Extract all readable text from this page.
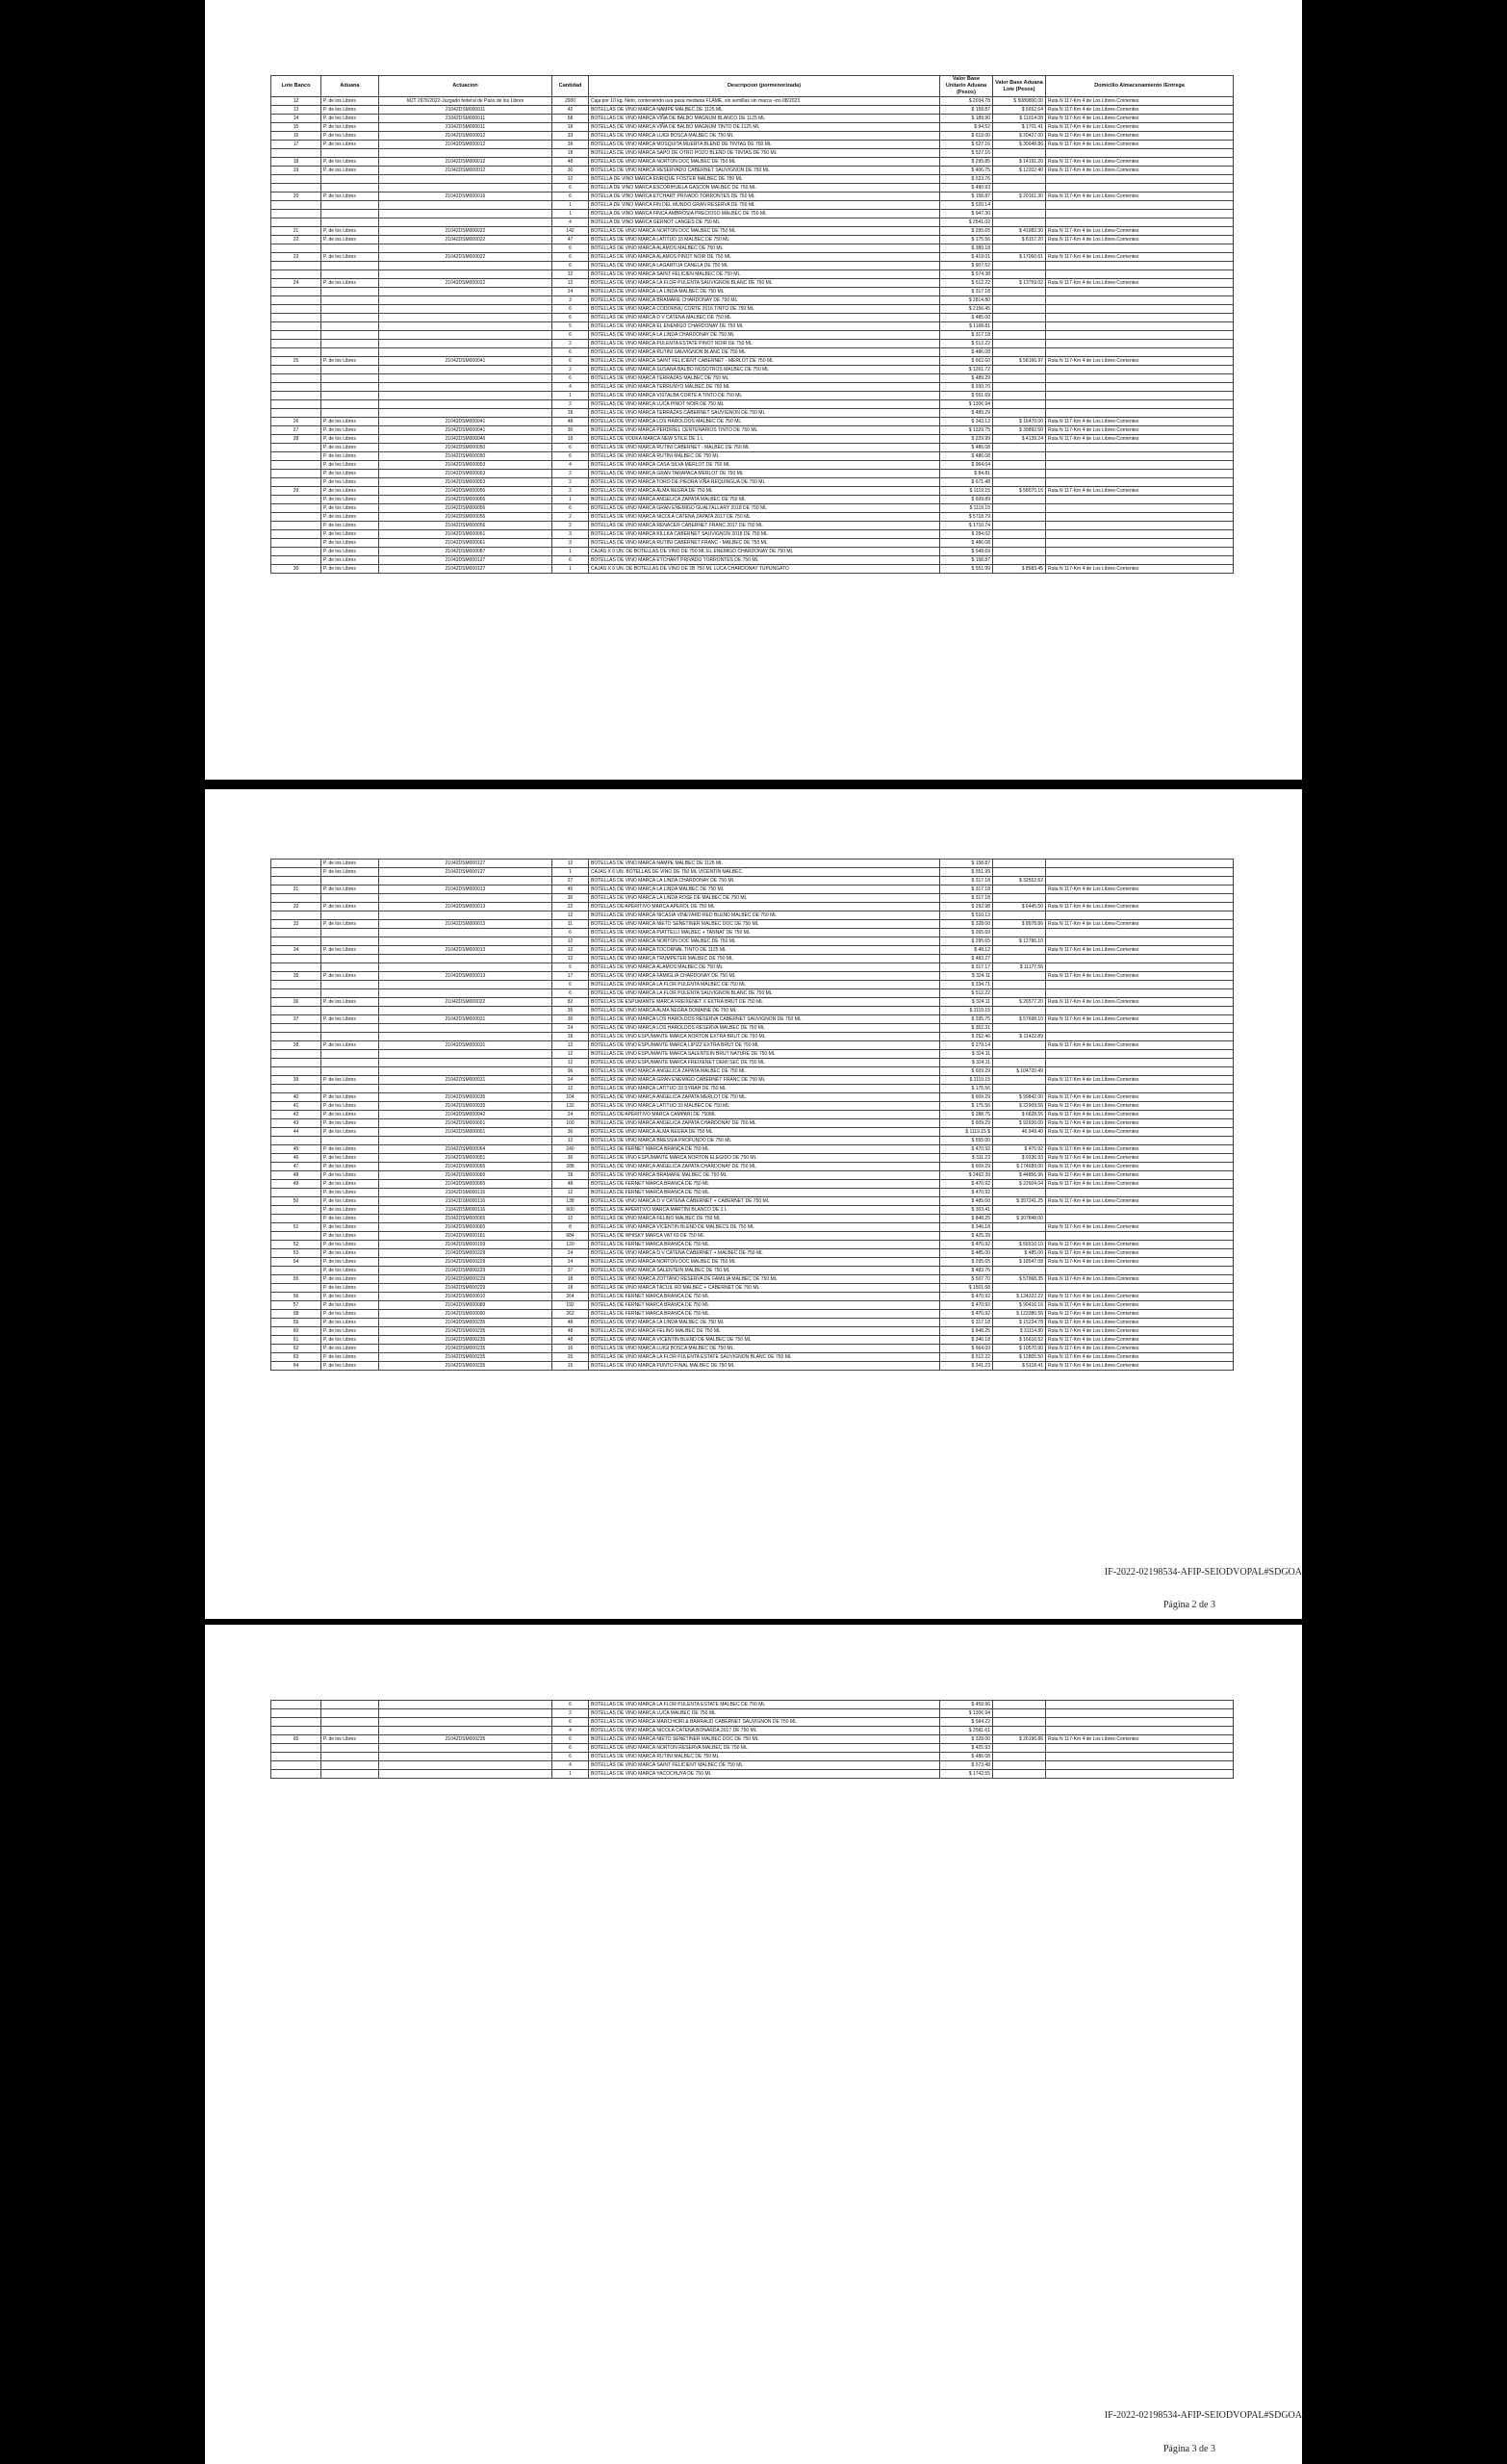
Lote Banco	Aduana	Actuacion	Cantidad	Descripcion (pormenorizada)	Valor Base Unitario Aduana (Pesos)	Valor Base Aduana Lote (Pesos)	Domicilio Almacenamiento /Entrega
12	P. de los Libres	MJT 2976/2022-Juzgado federal de Paso de los Libres	2900	Caja por 10 kg. Neto, conteniendo uva pasa mediana FLAME, sin semillas sin marca -vto 08/2023	$ 2034.78	$ 5089800.00	Ruta N 117-Km 4 de Los Libres-Corrientes
13	P. de los Libres	21042DSM000011	42	BOTELLAS DE VINO MARCA NAMPE MALBEC DE 1125 ML	$ 158.87	$ 5652.64	Ruta N 117-Km 4 de Los Libres-Corrientes
14	P. de los Libres	21042DSM000011	58	BOTELLAS DE VINO MARCA VIÑA DE BALBO MAGNUM BLANCO DE 1125 ML	$ 189.90	$ 11014.08	Ruta N 117-Km 4 de Los Libres-Corrientes
15	P. de los Libres	21042DSM000011	18	BOTELLAS DE VINO MARCA VIÑA DE BALBO MAGNUM TINTO DE 1125 ML	$ 94.52	$ 1701.41	Ruta N 117-Km 4 de Los Libres-Corrientes
16	P. de los Libres	21042DSM000012	33	BOTELLAS DE VINO MARCA LUIGI BOSCA MALBEC DE 750 ML	$ 619.00	$ 20427.00	Ruta N 117-Km 4 de Los Libres-Corrientes
17	P. de los Libres	21042DSM000012	39	BOTELLAS DE VINO MARCA MOSQUITA MUERTA BLEND DE TINTAS DE 750 ML	$ 527.16	$ 30048.86	Ruta N 117-Km 4 de Los Libres-Corrientes
			18	BOTELLAS DE VINO MARCA SAPO DE OTRO POZO BLEND DE TINTAS DE 750 ML	$ 527.16		
18	P. de los Libres	21042DSM000012	48	BOTELLAS DE VINO MARCA NORTON DOC MALBEC DE 750 ML	$ 295.85	$ 14191.20	Ruta N 117-Km 4 de Los Libres-Corrientes
19	P. de los Libres	21042DSM000012	30	BOTELLAS DE VINO MARCA RESERVADO CABERNET SAUVIGNON DE 750 ML	$ 406.75	$ 12202.40	Ruta N 117-Km 4 de Los Libres-Corrientes
			12	BOTELLA DE VINO MARCA ENRIQUE FOSTER MALBEC DE 750 ML	$ 523.76		
			6	BOTELLA DE VINO MARCA ESCORIHUELA GASCON MALBEC DE 750 ML	$ 490.93		
20	P. de los Libres	21042DSM000016	6	BOTELLA DE VINO MARCA ETCHART PRIVADO TORRONTES DE 750 ML	$ 158.87	$ 20161.30	Ruta N 117-Km 4 de Los Libres-Corrientes
			1	BOTELLA DE VINO MARCA FIN DEL MUNDO GRAN RESERVA DE 750 ML	$ 520.14		
			1	BOTELLA DE VINO MARCA FINCA AMBROSIA PRECIOSO MALBEC DE 750 ML	$ 947.30		
			4	BOTELLA DE VINO MARCA GERNOT LANGES DE 750 ML	$ 2541.02		
21	P. de los Libres	21042DSM000022	142	BOTELLAS DE VINO MARCA NORTON DOC MALBEC DE 750 ML	$ 295.65	$ 41982.30	Ruta N 117-Km 4 de Los Libres-Corrientes
22	P. de los Libres	21042DSM000022	47	BOTELLAS DE VINO MARCA LATITUD 33 MALBEC DE 750 ML	$ 175.56	$ 8157.20	Ruta N 117-Km 4 de Los Libres-Corrientes
			6	BOTELLAS DE VINO MARCA ALAMOS MALBEC DE 750 ML	$ 389.18		
23	P. de los Libres	21042DSM000022	6	BOTELLAS DE VINO MARCA ALAMOS PINOT NOIR DE 750 ML	$ 419.01	$ 17060.61	Ruta N 117-Km 4 de Los Libres-Corrientes
			6	BOTELLAS DE VINO MARCA LAGARTIJA CANELA DE 750 ML	$ 907.52		
			12	BOTELLAS DE VINO MARCA SAINT FELICIEN MALBEC DE 750 ML	$ 574.38		
24	P. de los Libres	21042DSM000022	12	BOTELLAS DE VINO MARCA LA FLOR PULENTA SAUVIGNON BLANC DE 750 ML	$ 512.22	$ 13759.02	Ruta N 117-Km 4 de Los Libres-Corrientes
			24	BOTELLAS DE VINO MARCA LA LINDA MALBEC DE 750 ML	$ 317.18		
			3	BOTELLAS DE VINO MARCA BRAMARE CHARDONAY DE 750 ML	$ 2814.80		
			6	BOTELLAS DE VINO MARCA CODORNIU CORTE 2016 TINTO DE 750 ML	$ 2156.45		
			6	BOTELLAS DE VINO MARCA D V CATENA MALBEC DE 750 ML	$ 485.00		
			5	BOTELLAS DE VINO MARCA EL ENEMIGO CHARDONAY DE 750 ML	$ 1168.81		
			6	BOTELLAS DE VINO MARCA LA LINDA CHARDONAY DE 750 ML	$ 317.18		
			2	BOTELLAS DE VINO MARCA PULENTA ESTATE PINOT NOIR DE 750 ML	$ 512.22		
			6	BOTELLAS DE VINO MARCA RUTINI SAUVIGNON BLANC DE 750 ML	$ 486.08		
25	P. de los Libres	21042DSM000041	6	BOTELLAS DE VINO MARCA SAINT FELICIENT CABERNET - MERLOT DE 750 ML	$ 662.60	$ 58166.97	Ruta N 117-Km 4 de Los Libres-Corrientes
			2	BOTELLAS DE VINO MARCA SUSANA BALBO NOSOTROS MALBEC DE 750 ML	$ 1261.72		
			6	BOTELLAS DE VINO MARCA TERRAZAS MALBEC DE 750 ML	$ 489.29		
			4	BOTELLAS DE VINO MARCA TERRUNYO MALBEC DE 750 ML	$ 930.70		
			1	BOTELLAS DE VINO MARCA VISTALBA CORTE A TINTO DE 750 ML	$ 551.69		
			2	BOTELLAS DE VINO MARCA LUCA PINOT NOIR DE 750 ML	$ 1306.94		
			18	BOTELLAS DE VINO MARCA TERRAZAS CABERNET SAUVIGNON DE 750 ML	$ 489.29		
26	P. de los Libres	21042DSM000041	48	BOTELLAS DE VINO MARCA LOS HAROLDOS MALBEC DE 750 ML	$ 343.13	$ 16470.00	Ruta N 117-Km 4 de Los Libres-Corrientes
27	P. de los Libres	21042DSM000041	30	BOTELLAS DE VINO MARCA PERDRIEL CENTENARIOS TINTO DE 750 ML	$ 1329.75	$ 39892.50	Ruta N 117-Km 4 de Los Libres-Corrientes
28	P. de los Libres	21042DSM000046	18	BOTELLAS DE VODKA MARCA NEW STILE DE 1 L	$ 229.99	$ 4139.24	Ruta N 117-Km 4 de Los Libres-Corrientes
	P. de los Libres	21042DSM000050	6	BOTELLAS DE VINO MARCA RUTINI CABERNET - MALBEC DE 750 ML	$ 486.08		
	P. de los Libres	21042DSM000050	6	BOTELLAS DE VINO MARCA RUTINI MALBEC DE 750 ML	$ 486.08		
	P. de los Libres	21042DSM000053	4	BOTELLAS DE VINO MARCA CASA SILVA MERLOT DE 750 ML	$ 964.04		
	P. de los Libres	21042DSM000053	2	BOTELLAS DE VINO MARCA GRAN TARAPACA MERLOT DE 750 ML	$ 84.81		
	P. de los Libres	21042DSM000053	2	BOTELLAS DE VINO MARCA TORO DE PIEDRA VIÑA REQUINGUA DE 750 ML	$ 671.48		
29	P. de los Libres	21042DSM000056	2	BOTELLAS DE VINO MARCA ALMA NEGRA DE 750 ML	$ 1119.15	$ 58070.15	Ruta N 117-Km 4 de Los Libres-Corrientes
	P. de los Libres	21042DSM000056	1	BOTELLAS DE VINO MARCA ANGELICA ZAPATA MALBEC DE 750 ML	$ 609.89		
	P. de los Libres	21042DSM000056	6	BOTELLAS DE VINO MARCA GRAN ENEMIGO GUALTALLARY 2018 DE 750 ML	$ 1119.15		
	P. de los Libres	21042DSM000056	2	BOTELLAS DE VINO MARCA NICOLA CATENA ZAPATA 2017 DE 750 ML	$ 5718.79		
	P. de los Libres	21042DSM000056	2	BOTELLAS DE VINO MARCA RENACER CABERNET FRANC 2017 DE 750 ML	$ 1710.74		
	P. de los Libres	21042DSM000061	3	BOTELLAS DE VINO MARCA KILLKA CABERNET SAUVIGNON 2018 DE 750 ML	$ 284.02		
	P. de los Libres	21042DSM000061	3	BOTELLAS DE VINO MARCA RUTINI CABERNET FRANC - MALBEC DE 750 ML	$ 486.08		
	P. de los Libres	21042DSM000087	1	CAJAS X 6 UN. DE BOTELLAS DE VINO DE 750 ML EL ENEMIGO CHARDONAY DE 750 ML	$ 548.69		
	P. de los Libres	21042DSM000127	6	BOTELLAS DE VINO MARCA ETCHART PRIVADO TORRONTES DE 750 ML	$ 158.87		
30	P. de los Libres	21042DSM000127	1	CAJAS X 6 UN. DE BOTELLAS DE VINO DE 2B 750 ML LUCA CHARDONAY TUPUNGATO	$ 551.99	$ 8583.45	Ruta N 117-Km 4 de Los Libres-Corrientes
	P. de los Libres	21042DSM000127	12	BOTELLAS DE VINO MARCA NAMPE MALBEC DE 1125 ML	$ 158.87		
	P. de los Libres	21042DSM000127	1	CAJAS X 6 UN. BOTELLAS DE VINO DE 750 ML VICENTIN MALBEC	$ 551.99		
			27	BOTELLAS DE VINO MARCA LA LINDA CHARDONAY DE 750 ML	$ 317.18	$ 32552.62	
31	P. de los Libres	21042DSM000013	45	BOTELLAS DE VINO MARCA LA LINDA MALBEC DE 750 ML	$ 317.18		Ruta N 117-Km 4 de Los Libres-Corrientes
			30	BOTELLAS DE VINO MARCA LA LINDA ROSE DE MALBEC DE 750 ML	$ 317.18		
32	P. de los Libres	21042DSM000013	22	BOTELLAS DE APERITIVO MARCA APEROL DE 750 ML	$ 292.98	$ 6445.50	Ruta N 117-Km 4 de Los Libres-Corrientes
			12	BOTELLAS DE VINO MARCA NICASIA VINEYARD RED BLEND MALBEC DE 750 ML	$ 510.13		
33	P. de los Libres	21042DSM000013	11	BOTELLAS DE VINO MARCA NIETO SENETINER MALBEC DOC DE 750 ML	$ 328.00	$ 8878.86	Ruta N 117-Km 4 de Los Libres-Corrientes
			6	BOTELLAS DE VINO MARCA PIATTELLI MALBEC + TANNAT DE 750 ML	$ 265.69		
			12	BOTELLAS DE VINO MARCA NORTON DOC MALBEC DE 750 ML	$ 295.65	$ 12786.10	
34	P. de los Libres	21042DSM000013	12	BOTELLAS DE VINO MARCA TOCORNAL TINTO DE 1125 ML	$ 48.12		Ruta N 117-Km 4 de Los Libres-Corrientes
			12	BOTELLAS DE VINO MARCA TRUMPETER MALBEC DE 750 ML	$ 483.27		
			5	BOTELLAS DE VINO MARCA ALAMOS MALBEC DE 750 ML	$ 317.17	$ 11177.56	
35	P. de los Libres	21042DSM000013	17	BOTELLAS DE VINO MARCA FAMIGLIA CHARDONAY DE 750 ML	$ 324.11		Ruta N 117-Km 4 de Los Libres-Corrientes
			6	BOTELLAS DE VINO MARCA LA FLOR PULENTA MALBEC DE 750 ML	$ 334.71		
			6	BOTELLAS DE VINO MARCA LA FLOR PULENTA SAUVIGNON BLANC DE 750 ML	$ 512.22		
36	P. de los Libres	21042DSM000022	82	BOTELLAS DE ESPUMANTE MARCA FREIXENET X EXTRA BRUT DE 750 ML	$ 324.11	$ 26577.20	Ruta N 117-Km 4 de Los Libres-Corrientes
			35	BOTELLAS DE VINO MARCA ALMA NEGRA DOMAINE DE 750 ML	$ 1119.15		
37	P. de los Libres	21042DSM000031	30	BOTELLAS DE VINO MARCA LOS HAROLDOS RESERVA CABERNET SAUVIGNON DE 750 ML	$ 335.75	$ 57698.10	Ruta N 117-Km 4 de Los Libres-Corrientes
			24	BOTELLAS DE VINO MARCA LOS HAROLDOS RESERVA MALBEC DE 750 ML	$ 352.31		
			18	BOTELLAS DE VINO ESPUMANTE MARCA NORTON EXTRA BRUT DE 750 ML	$ 252.46	$ 11422.89	
38	P. de los Libres	21042DSM000031	12	BOTELLAS DE VINO ESPUMANTE MARCA LIPIZZ EXTRA BRUT DE 750 ML	$ 279.14		Ruta N 117-Km 4 de Los Libres-Corrientes
			12	BOTELLAS DE VINO ESPUMANTE MARCA SALENTEIN BRUT NATURE DE 750 ML	$ 324.11		
			12	BOTELLAS DE VINO ESPUMANTE MARCA FREIXENET DEMI SEC DE 750 ML	$ 324.11		
			96	BOTELLAS DE VINO MARCA ANGELICA ZAPATA MALBEC DE 750 ML	$ 609.29	$ 104720.49	
39	P. de los Libres	21042DSM000031	24	BOTELLAS DE VINO MARCA GRAN ENEMIGO CABERNET FRANC DE 750 ML	$ 1119.15		Ruta N 117-Km 4 de Los Libres-Corrientes
			12	BOTELLAS DE VINO MARCA LATITUD 33 SYRAH DE 750 ML	$ 175.56		
40	P. de los Libres	21042DSM000035	104	BOTELLAS DE VINO MARCA ANGELICA ZAPATA MERLOT DE 750 ML	$ 609.29	$ 99842.00	Ruta N 117-Km 4 de Los Libres-Corrientes
41	P. de los Libres	21042DSM000035	132	BOTELLAS DE VINO MARCA LATITUD 33 MALBEC DE 750 ML	$ 175.56	$ 22909.56	Ruta N 117-Km 4 de Los Libres-Corrientes
42	P. de los Libres	21042DSM000042	24	BOTELLAS DE APERITIVO MARCA CAMPARI DE 750ML	$ 288.75	$ 6828.55	Ruta N 117-Km 4 de Los Libres-Corrientes
43	P. de los Libres	21042DSM000051	100	BOTELLAS DE VINO MARCA ANGELICA ZAPATA CHARDONAY DE 750 ML	$ 609.29	$ 92920.00	Ruta N 117-Km 4 de Los Libres-Corrientes
44	P. de los Libres	21042DSM000051	36	BOTELLAS DE VINO MARCA ALMA NEGRA DE 750 ML	$ 1119.15 $	46,949.40	Ruta N 117-Km 4 de Los Libres-Corrientes
			12	BOTELLAS DE VINO MARCA BRESSIA PROFUNDO DE 750 ML	$ 555.00		
45	P. de los Libres	21042DSM000064	240	BOTELLAS DE FERNET MARCA BRANCA DE 750 ML	$ 470.92	$ 470.92	Ruta N 117-Km 4 de Los Libres-Corrientes
46	P. de los Libres	21042DSM000051	30	BOTELLAS DE VINO ESPUMANTE MARCA NORTON ELEGIDO DE 750 ML	$ 311.23	$ 9336.93	Ruta N 117-Km 4 de Los Libres-Corrientes
47	P. de los Libres	21042DSM000065	288	BOTELLAS DE VINO MARCA ANGELICA ZAPATA CHARDONAY DE 750 ML	$ 609.29	$ 174689.00	Ruta N 117-Km 4 de Los Libres-Corrientes
48	P. de los Libres	21042DSM000065	18	BOTELLAS DE VINO MARCA BRAMARE MALBEC DE 750 ML	$ 2492.39	$ 44856.96	Ruta N 117-Km 4 de Los Libres-Corrientes
49	P. de los Libres	21042DSM000065	48	BOTELLAS DE FERNET MARCA BRANCA DE 750 ML	$ 470.92	$ 22604.04	Ruta N 117-Km 4 de Los Libres-Corrientes
	P. de los Libres	21042DSM000116	12	BOTELLAS DE FERNET MARCA BRANCA DE 750 ML	$ 470.92		
50	P. de los Libres	21042DSM000116	138	BOTELLAS DE VINO MARCA D V CATENA CABERNET + CABERNET DE 750 ML	$ 485.00	$ 357241.25	Ruta N 117-Km 4 de Los Libres-Corrientes
	P. de los Libres	21042DSM000116	600	BOTELLAS DE APERITIVO MARCA MARTINI BLANCO DE 1 L	$ 303.41		
	P. de los Libres	21042DSM000065	12	BOTELLAS DE VINO MARCA FELINO MALBEC DE 750 ML	$ 848.25	$ 307848.00	
51	P. de los Libres	21042DSM000065	8	BOTELLAS DE VINO MARCA VICENTIN BLEND DE MALBECS DE 750 ML	$ 346.18		Ruta N 117-Km 4 de Los Libres-Corrientes
	P. de los Libres	21042DSM000161	684	BOTELLAS DE WHISKY MARCA VAT 69 DE 750 ML	$ 425.39		
52	P. de los Libres	21042DSM000159	120	BOTELLAS DE FERNET MARCA BRANCA DE 750 ML	$ 470.92	$ 56510.10	Ruta N 117-Km 4 de Los Libres-Corrientes
53	P. de los Libres	21042DSM000229	24	BOTELLAS DE VINO MARCA D V CATENA CABERNET + MALBEC DE 750 ML	$ 485.00	$ 485.00	Ruta N 117-Km 4 de Los Libres-Corrientes
54	P. de los Libres	21042DSM000229	24	BOTELLAS DE VINO MARCA NORTON DOC MALBEC DE 750 ML	$ 295.65	$ 18547.08	Ruta N 117-Km 4 de Los Libres-Corrientes
	P. de los Libres	21042DSM000229	37	BOTELLAS DE VINO MARCA SALENTEIN MALBEC DE 750 ML	$ 483.76		
55	P. de los Libres	21042DSM000229	18	BOTELLAS DE VINO MARCA ZOTTANO RESERVA DE FAMILIA MALBEC DE 750 ML	$ 507.70	$ 57968.35	Ruta N 117-Km 4 de Los Libres-Corrientes
	P. de los Libres	21042DSM000229	18	BOTELLAS DE VINO MARCA TACUIL RD MALBEC + CABERNET DE 750 ML	$ 1501.68		
56	P. de los Libres	21042DSM000010	264	BOTELLAS DE FERNET MARCA BRANCA DE 750 ML	$ 470.92	$ 124322.22	Ruta N 117-Km 4 de Los Libres-Corrientes
57	P. de los Libres	21042DSM000089	192	BOTELLAS DE FERNET MARCA BRANCA DE 750 ML	$ 470.92	$ 90416.16	Ruta N 117-Km 4 de Los Libres-Corrientes
58	P. de los Libres	21042DSM000090	262	BOTELLAS DE FERNET MARCA BRANCA DE 750 ML	$ 470.92	$ 123380.56	Ruta N 117-Km 4 de Los Libres-Corrientes
59	P. de los Libres	21042DSM000235	48	BOTELLAS DE VINO MARCA LA LINDA MALBEC DE 750 ML	$ 317.18	$ 15224.78	Ruta N 117-Km 4 de Los Libres-Corrientes
60	P. de los Libres	21042DSM000235	48	BOTELLAS DE VINO MARCA FELINO MALBEC DE 750 ML	$ 848.25	$ 31114.80	Ruta N 117-Km 4 de Los Libres-Corrientes
61	P. de los Libres	21042DSM000235	48	BOTELLAS DE VINO MARCA VICENTIN BLEND DE MALBEC DE 750 ML	$ 346.18	$ 16616.52	Ruta N 117-Km 4 de Los Libres-Corrientes
62	P. de los Libres	21042DSM000235	16	BOTELLAS DE VINO MARCA LUIGI BOSCA MALBEC DE 750 ML	$ 664.09	$ 10570.90	Ruta N 117-Km 4 de Los Libres-Corrientes
63	P. de los Libres	21042DSM000235	25	BOTELLAS DE VINO MARCA LA FLOR PULENTA ESTATE SAUVIGNON BLANC DE 750 ML	$ 512.22	$ 12805.50	Ruta N 117-Km 4 de Los Libres-Corrientes
64	P. de los Libres	21042DSM000235	15	BOTELLAS DE VINO MARCA PUNTO FINAL MALBEC DE 750 ML	$ 341.23	$ 5118.41	Ruta N 117-Km 4 de Los Libres-Corrientes
IF-2022-02198534-AFIP-SEIODVOPAL#SDGOA
Página 2 de 3
			6	BOTELLAS DE VINO MARCA LA FLOR PULENTA ESTATE MALBEC DE 750 ML	$ 459.96		
			2	BOTELLAS DE VINO MARCA LUCA MALBEC DE 750 ML	$ 1306.94		
			6	BOTELLAS DE VINO MARCA MARCHIORI & BARRAUD CABERNET SAUVIGNON DE 750 ML	$ 584.22		
			4	BOTELLAS DE VINO MARCA NICOLA CATENA BONARDA 2017 DE 750 ML	$ 2581.61		
65	P. de los Libres	21042DSM000235	6	BOTELLAS DE VINO MARCA NIETO SENETINER MALBEC DOC DE 750 ML	$ 328.00	$ 26196.86	Ruta N 117-Km 4 de Los Libres-Corrientes
			6	BOTELLAS DE VINO MARCA NORTON RESERVA MALBEC DE 750 ML	$ 425.93		
			6	BOTELLAS DE VINO MARCA RUTINI MALBEC DE 750 ML	$ 486.08		
			4	BOTELLAS DE VINO MARCA SAINT FELICIENT MALBEC DE 750 ML	$ 573.48		
			1	BOTELLAS DE VINO MARCA YACOCHUYA DE 750 ML	$ 1742.55		
IF-2022-02198534-AFIP-SEIODVOPAL#SDGOA
Página 3 de 3
